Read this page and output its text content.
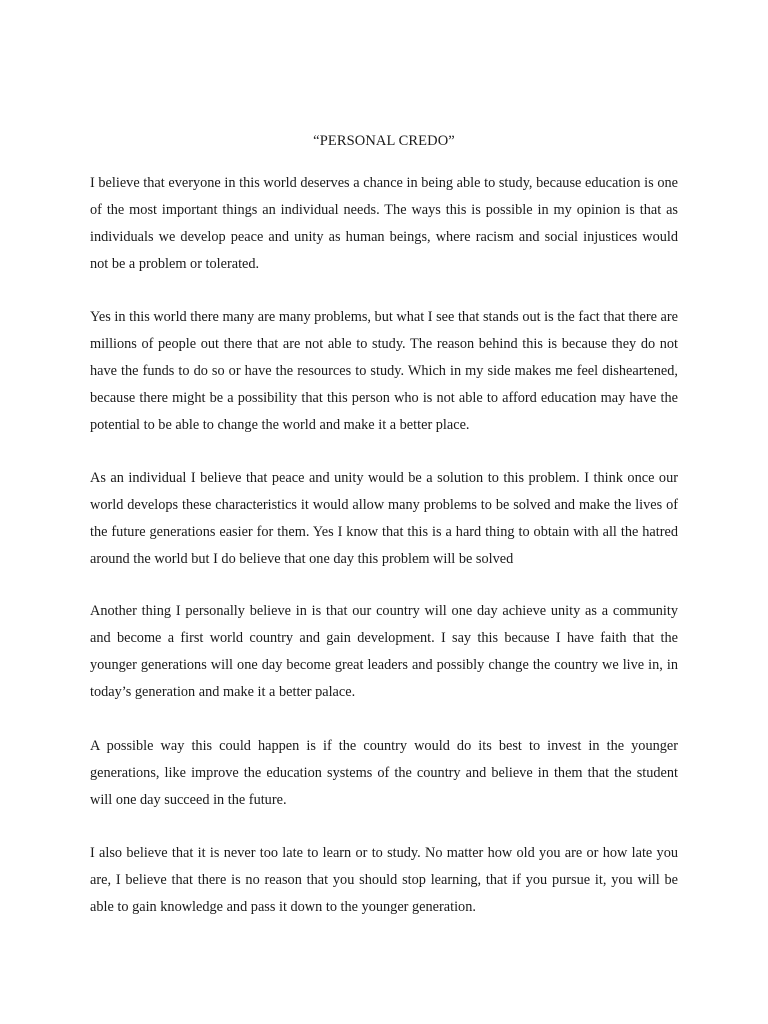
“PERSONAL CREDO”

I believe that everyone in this world deserves a chance in being able to study, because education is one of the most important things an individual needs. The ways this is possible in my opinion is that as individuals we develop peace and unity as human beings, where racism and social injustices would not be a problem or tolerated.

Yes in this world there many are many problems, but what I see that stands out is the fact that there are millions of people out there that are not able to study. The reason behind this is because they do not have the funds to do so or have the resources to study. Which in my side makes me feel disheartened, because there might be a possibility that this person who is not able to afford education may have the potential to be able to change the world and make it a better place.

As an individual I believe that peace and unity would be a solution to this problem. I think once our world develops these characteristics it would allow many problems to be solved and make the lives of the future generations easier for them. Yes I know that this is a hard thing to obtain with all the hatred around the world but I do believe that one day this problem will be solved

Another thing I personally believe in is that our country will one day achieve unity as a community and become a first world country and gain development. I say this because I have faith that the younger generations will one day become great leaders and possibly change the country we live in, in today’s generation and make it a better palace.

A possible way this could happen is if the country would do its best to invest in the younger generations, like improve the education systems of the country and believe in them that the student will one day succeed in the future.

I also believe that it is never too late to learn or to study. No matter how old you are or how late you are, I believe that there is no reason that you should stop learning, that if you pursue it, you will be able to gain knowledge and pass it down to the younger generation.
